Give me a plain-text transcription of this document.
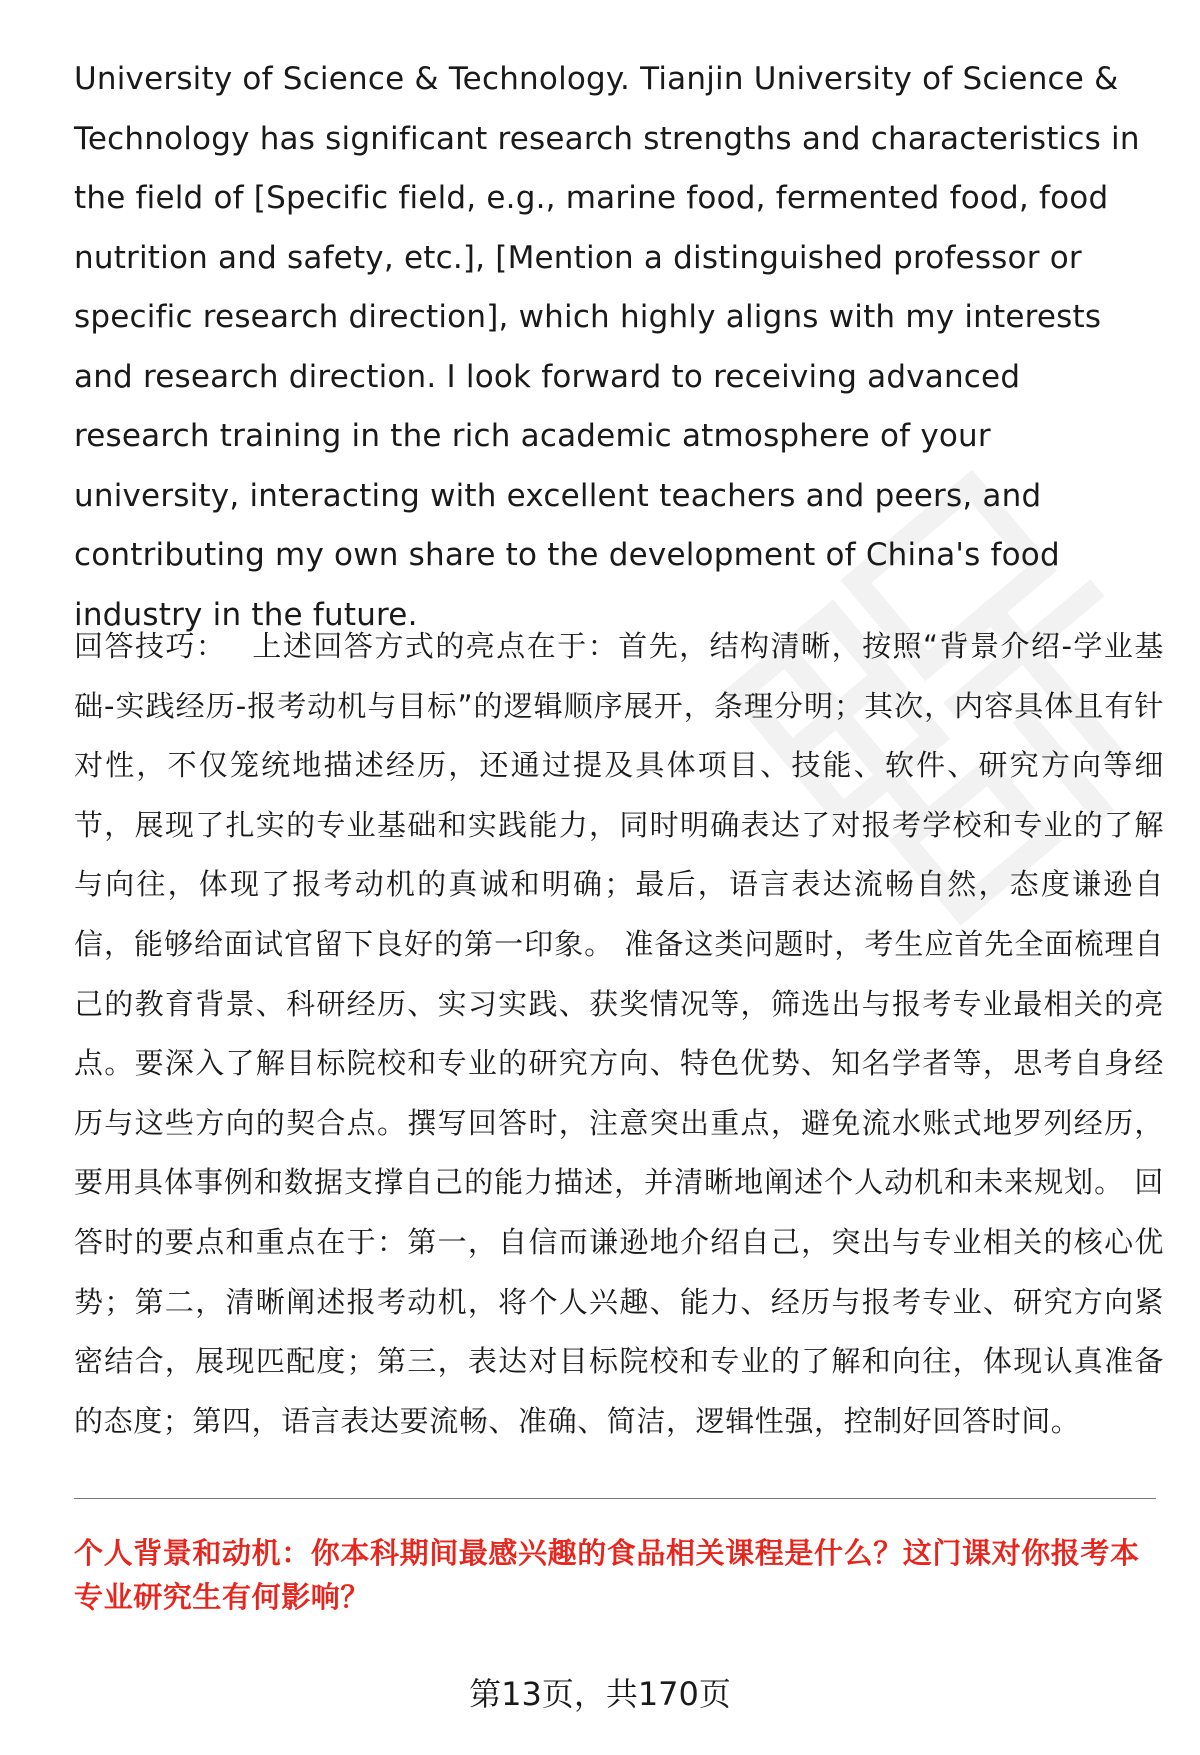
University of Science & Technology. Tianjin University of Science & Technology has significant research strengths and characteristics in the field of [Specific field, e.g., marine food, fermented food, food nutrition and safety, etc.], [Mention a distinguished professor or specific research direction], which highly aligns with my interests and research direction. I look forward to receiving advanced research training in the rich academic atmosphere of your university, interacting with excellent teachers and peers, and contributing my own share to the development of China's food industry in the future.

回答技巧： 上述回答方式的亮点在于：首先，结构清晰，按照“背景介绍-学业基础-实践经历-报考动机与目标”的逻辑顺序展开，条理分明；其次，内容具体且有针对性，不仅笼统地描述经历，还通过提及具体项目、技能、软件、研究方向等细节，展现了扎实的专业基础和实践能力，同时明确表达了对报考学校和专业的了解与向往，体现了报考动机的真诚和明确；最后，语言表达流畅自然，态度谦逊自信，能够给面试官留下良好的第一印象。 准备这类问题时，考生应首先全面梳理自己的教育背景、科研经历、实习实践、获奖情况等，筛选出与报考专业最相关的亮点。要深入了解目标院校和专业的研究方向、特色优势、知名学者等，思考自身经历与这些方向的契合点。撰写回答时，注意突出重点，避免流水账式地罗列经历，要用具体事例和数据支撑自己的能力描述，并清晰地阐述个人动机和未来规划。 回答时的要点和重点在于：第一，自信而谦逊地介绍自己，突出与专业相关的核心优势；第二，清晰阐述报考动机，将个人兴趣、能力、经历与报考专业、研究方向紧密结合，展现匹配度；第三，表达对目标院校和专业的了解和向往，体现认真准备的态度；第四，语言表达要流畅、准确、简洁，逻辑性强，控制好回答时间。

个人背景和动机：你本科期间最感兴趣的食品相关课程是什么？这门课对你报考本专业研究生有何影响？

第13页，共170页
